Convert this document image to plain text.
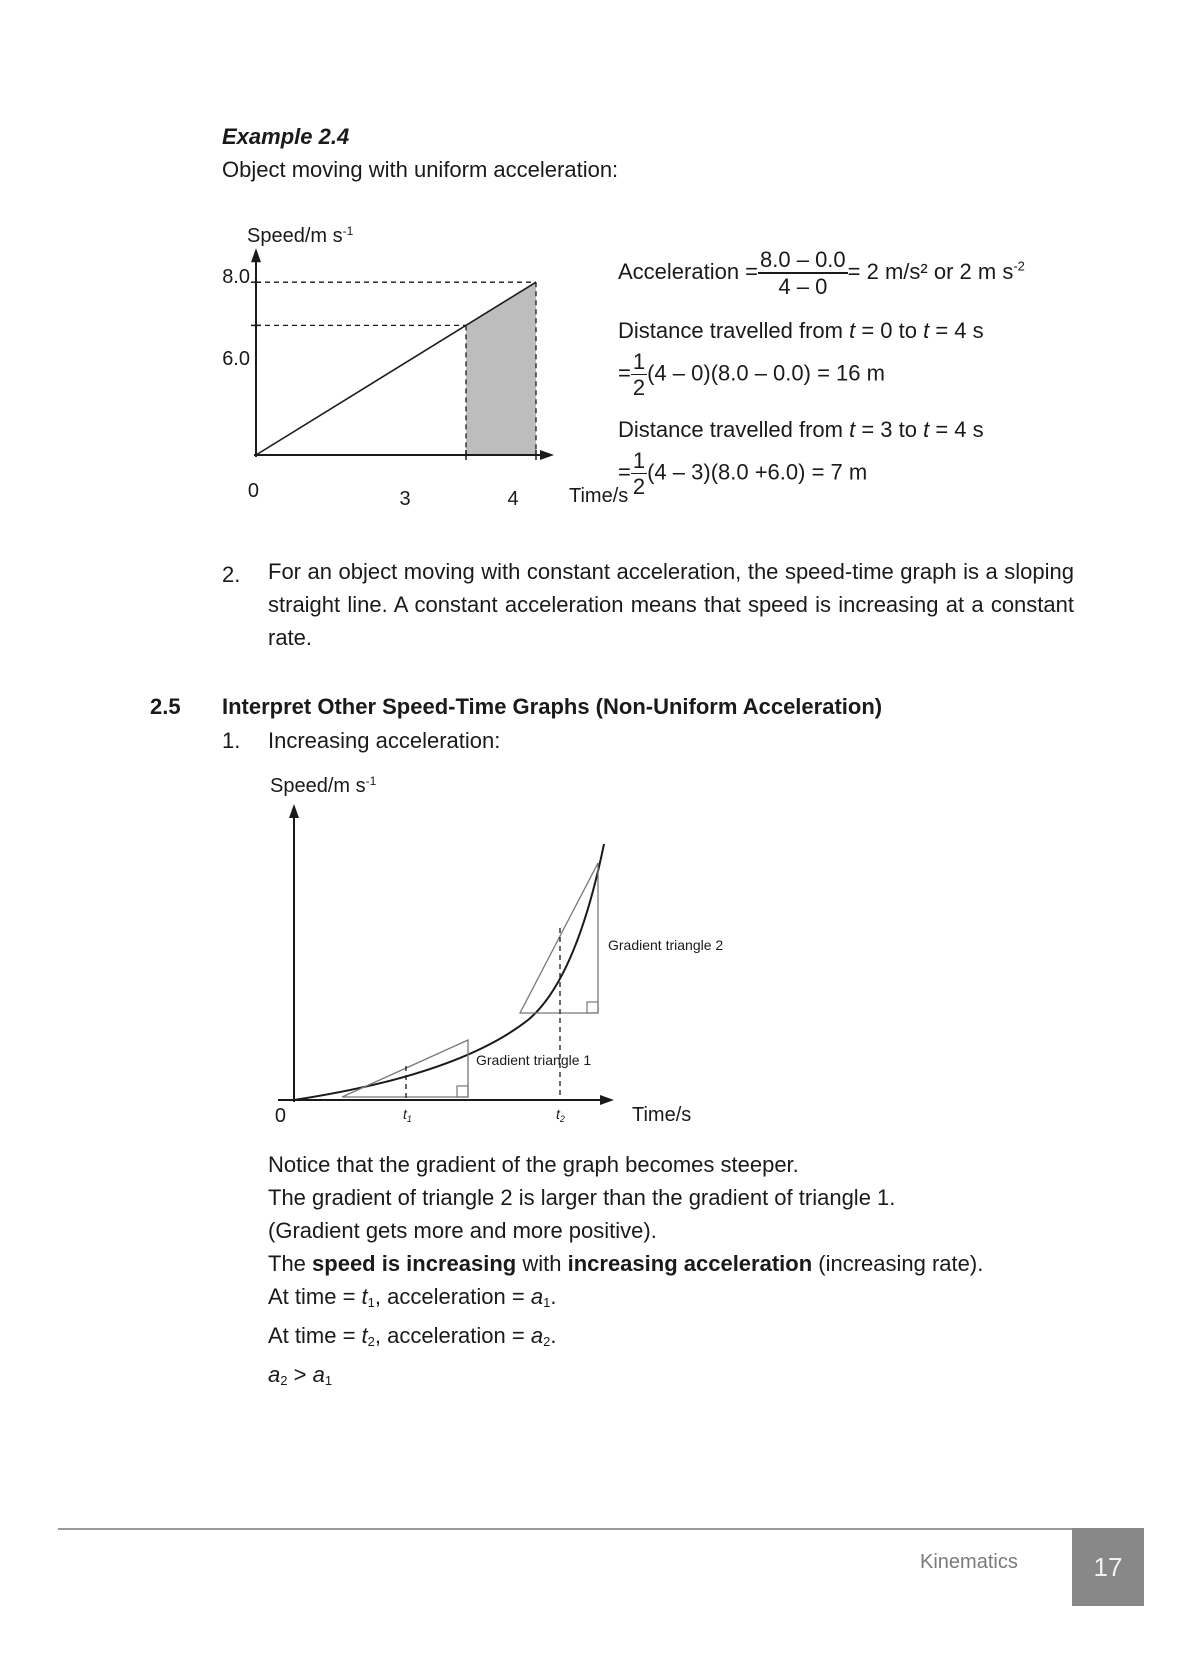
Example 2.4
Object moving with uniform acceleration:
Speed/m $s^{-1}$
Time/s
8.0
6.0
0	3	4
Acceleration = $\frac{8.0 - 0.0}{4 - 0} = 2$ m/s² or 2 m $s^{-2}$
Distance travelled from t = 0 to t = 4 s
= $\frac{1}{2} (4 - 0)(8.0 - 0.0) = 16$ m
Distance travelled from t = 3 to t = 4 s
= $\frac{1}{2} (4 - 3)(8.0 +6.0) = 7$ m
2. For an object moving with constant acceleration, the speed-time graph is a sloping straight line. A constant acceleration means that speed is increasing at a constant rate.
2.5 Interpret Other Speed-Time Graphs (Non-Uniform Acceleration)
1. Increasing acceleration:
Speed/m $s^{-1}$
0	$t_1$	$t_2$	Time/s
Gradient triangle 1
Gradient triangle 2
Notice that the gradient of the graph becomes steeper.
The gradient of triangle 2 is larger than the gradient of triangle 1.
(Gradient gets more and more positive).
The speed is increasing with increasing acceleration (increasing rate).
At time = $t_1$, acceleration = $a_1$.
At time = $t_2$, acceleration = $a_2$.
$a_2 > a_1$
Kinematics	17
